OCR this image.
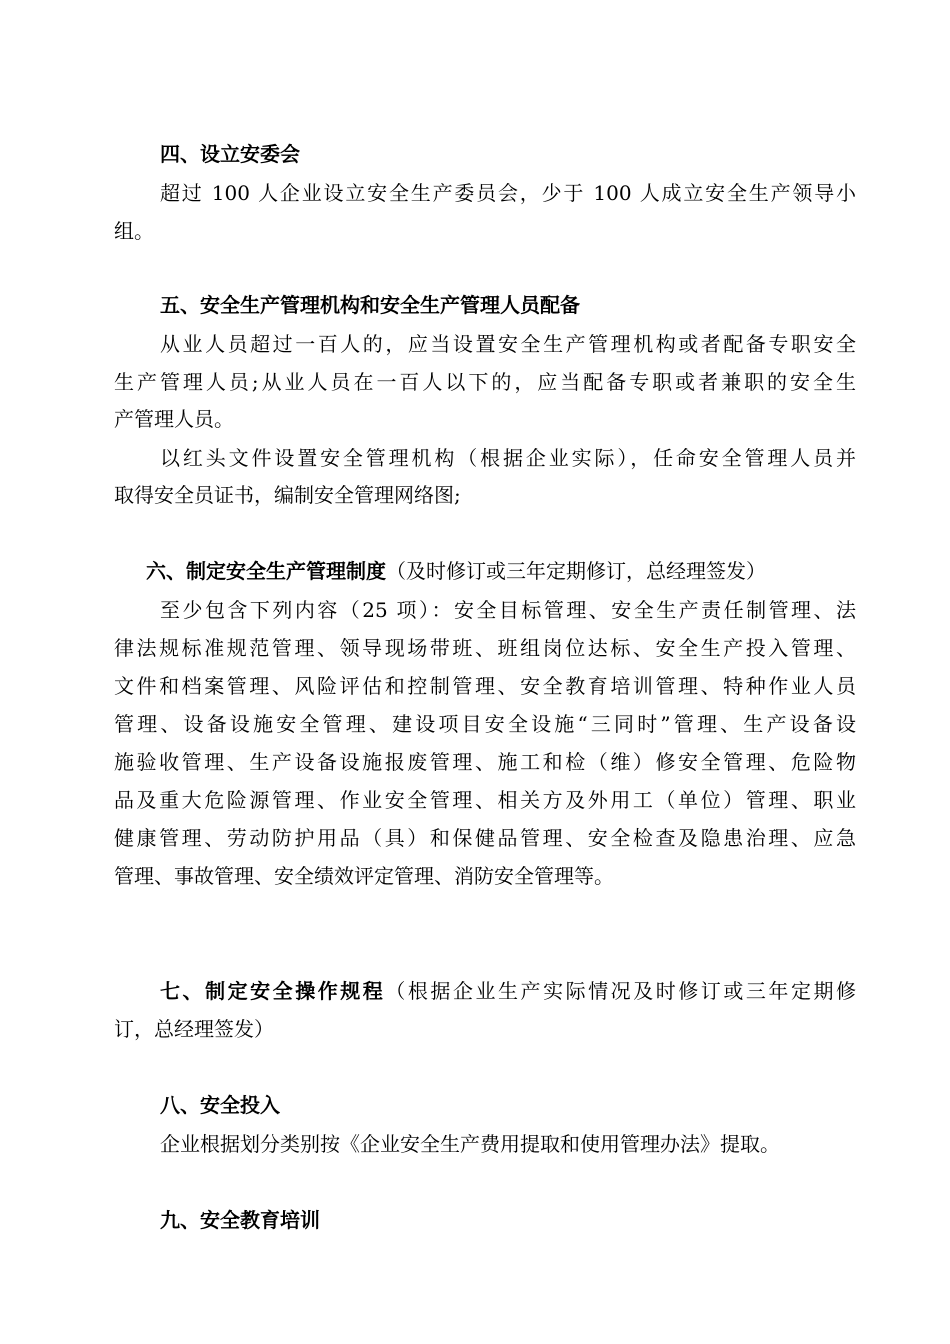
四、设立安委会
超过 100 人企业设立安全生产委员会，少于 100 人成立安全生产领导小
组。
五、安全生产管理机构和安全生产管理人员配备
从业人员超过一百人的，应当设置安全生产管理机构或者配备专职安全
生产管理人员;从业人员在一百人以下的，应当配备专职或者兼职的安全生
产管理人员。
以红头文件设置安全管理机构（根据企业实际），任命安全管理人员并
取得安全员证书，编制安全管理网络图;
六、制定安全生产管理制度（及时修订或三年定期修订，总经理签发）
至少包含下列内容（25 项）：安全目标管理、安全生产责任制管理、法
律法规标准规范管理、领导现场带班、班组岗位达标、安全生产投入管理、
文件和档案管理、风险评估和控制管理、安全教育培训管理、特种作业人员
管理、设备设施安全管理、建设项目安全设施“三同时”管理、生产设备设
施验收管理、生产设备设施报废管理、施工和检（维）修安全管理、危险物
品及重大危险源管理、作业安全管理、相关方及外用工（单位）管理、职业
健康管理、劳动防护用品（具）和保健品管理、安全检查及隐患治理、应急
管理、事故管理、安全绩效评定管理、消防安全管理等。
七、制定安全操作规程（根据企业生产实际情况及时修订或三年定期修
订，总经理签发）
八、安全投入
企业根据划分类别按《企业安全生产费用提取和使用管理办法》提取。
九、安全教育培训
